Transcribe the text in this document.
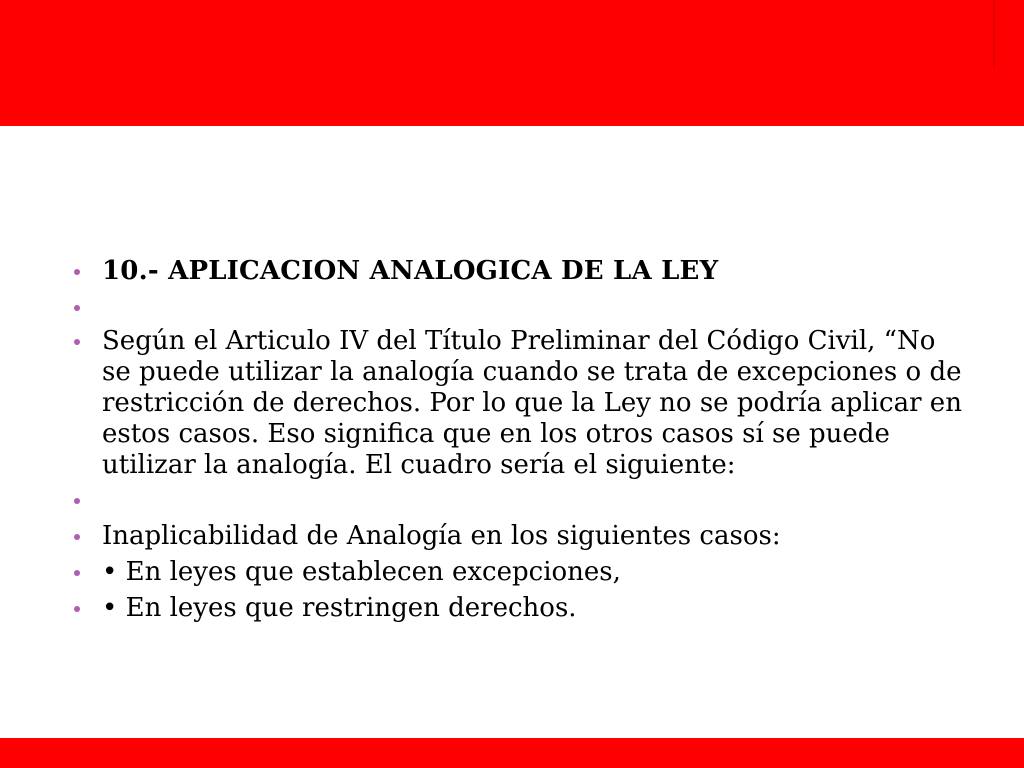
10.- APLICACION ANALOGICA DE LA LEY
Según el Articulo IV del Título Preliminar del Código Civil, “No se puede utilizar la analogía cuando se trata de excepciones o de restricción de derechos. Por lo que la Ley no se podría aplicar en estos casos. Eso significa que en los otros casos sí se puede utilizar la analogía. El cuadro sería el siguiente:
Inaplicabilidad de Analogía en los siguientes casos:
• En leyes que establecen excepciones,
• En leyes que restringen derechos.
